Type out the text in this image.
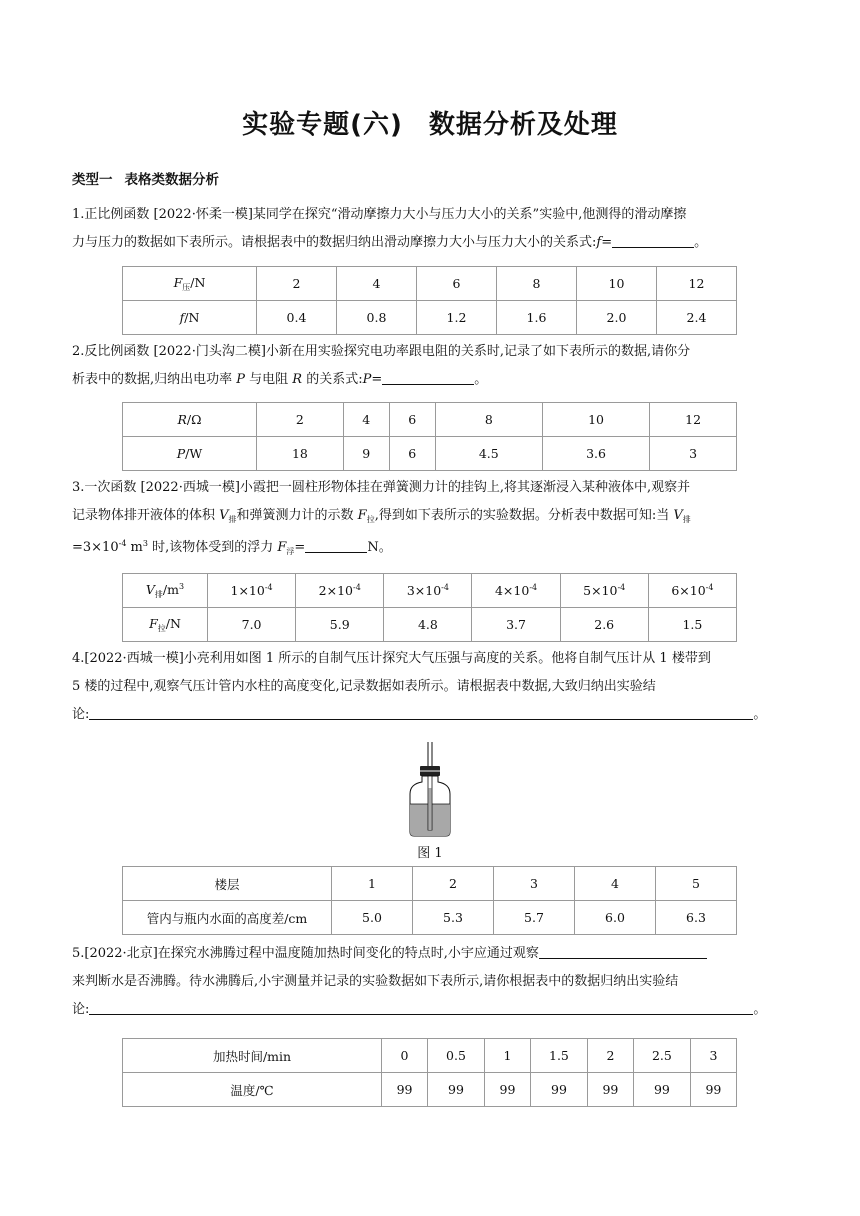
实验专题(六) 数据分析及处理
类型一 表格类数据分析
1.正比例函数 [2022·怀柔一模]某同学在探究“滑动摩擦力大小与压力大小的关系”实验中,他测得的滑动摩擦
力与压力的数据如下表所示。请根据表中的数据归纳出滑动摩擦力大小与压力大小的关系式:f=	。
$F_压/N$	2	4	6	8	10	12
f/N	0.4	0.8	1.2	1.6	2.0	2.4
2.反比例函数 [2022·门头沟二模]小新在用实验探究电功率跟电阻的关系时,记录了如下表所示的数据,请你分
析表中的数据,归纳出电功率 P 与电阻 R 的关系式:P=	。
R/Ω	2	4	6	8	10	12
P/W	18	9	6	4.5	3.6	3
3.一次函数 [2022·西城一模]小霞把一圆柱形物体挂在弹簧测力计的挂钩上,将其逐渐浸入某种液体中,观察并
记录物体排开液体的体积 $V_排$和弹簧测力计的示数 $F_拉$,得到如下表所示的实验数据。分析表中数据可知:当 $V_排$
$=3\times 10^{-4}$ $m^3$ 时,该物体受到的浮力 $F_浮=$	N。
$V_排/m^3$	$1\times 10^{-4}$	$2\times 10^{-4}$	$3\times 10^{-4}$	$4\times 10^{-4}$	$5\times 10^{-4}$	$6\times 10^{-4}$
$F_拉/N$	7.0	5.9	4.8	3.7	2.6	1.5
4.[2022·西城一模]小亮利用如图 1 所示的自制气压计探究大气压强与高度的关系。他将自制气压计从 1 楼带到
5 楼的过程中,观察气压计管内水柱的高度变化,记录数据如表所示。请根据表中数据,大致归纳出实验结
论:	。
图 1
楼层	1	2	3	4	5
管内与瓶内水面的高度差/cm	5.0	5.3	5.7	6.0	6.3
5.[2022·北京]在探究水沸腾过程中温度随加热时间变化的特点时,小宇应通过观察
来判断水是否沸腾。待水沸腾后,小宇测量并记录的实验数据如下表所示,请你根据表中的数据归纳出实验结
论:	。
加热时间/min	0	0.5	1	1.5	2	2.5	3
温度/℃	99	99	99	99	99	99	99
